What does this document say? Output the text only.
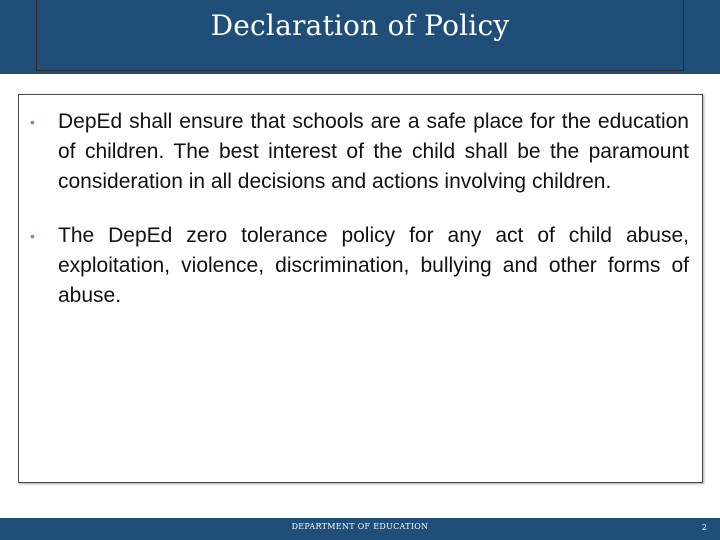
Declaration of Policy
• DepEd shall ensure that schools are a safe place for the education of children. The best interest of the child shall be the paramount consideration in all decisions and actions involving children.
• The DepEd zero tolerance policy for any act of child abuse, exploitation, violence, discrimination, bullying and other forms of abuse.
DEPARTMENT OF EDUCATION	2
